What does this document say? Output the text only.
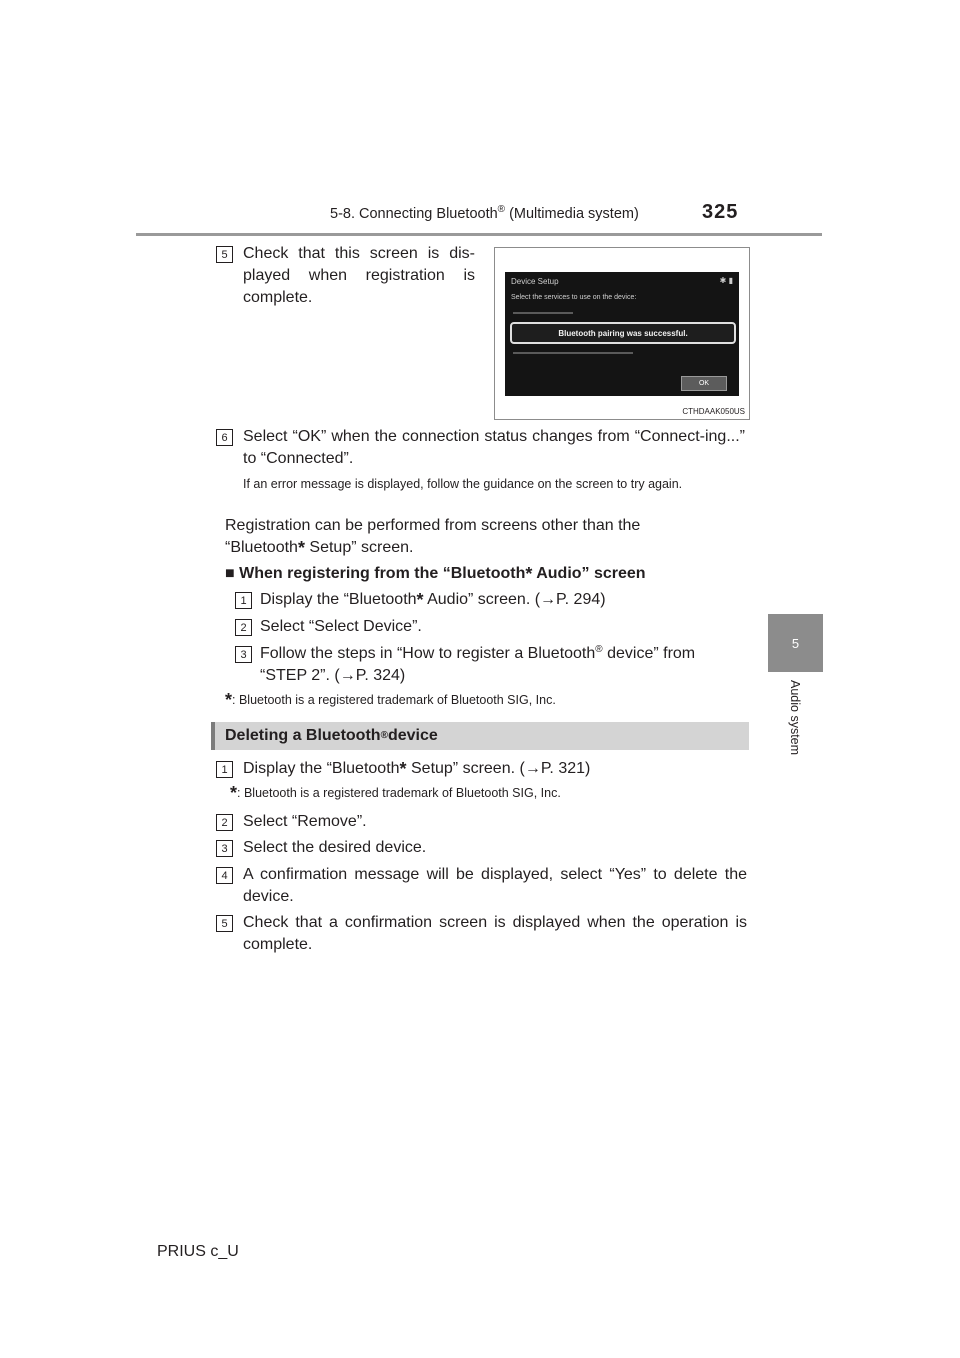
5-8. Connecting Bluetooth® (Multimedia system)	325
5
Audio system
5 Check that this screen is dis-played when registration is complete.
Device Setup	✱ ▮
Select the services to use on the device:
Bluetooth pairing was successful.
OK
CTHDAAK050US
6 Select “OK” when the connection status changes from “Connect-ing...” to “Connected”.
If an error message is displayed, follow the guidance on the screen to try again.
Registration can be performed from screens other than the
“Bluetooth* Setup” screen.
■ When registering from the “Bluetooth* Audio” screen
1 Display the “Bluetooth* Audio” screen. (→P. 294)
2 Select “Select Device”.
3 Follow the steps in “How to register a Bluetooth® device” from
“STEP 2”. (→P. 324)
*: Bluetooth is a registered trademark of Bluetooth SIG, Inc.
Deleting a Bluetooth ® device
1 Display the “Bluetooth* Setup” screen. (→P. 321)
*: Bluetooth is a registered trademark of Bluetooth SIG, Inc.
2 Select “Remove”.
3 Select the desired device.
4 A confirmation message will be displayed, select “Yes” to delete the device.
5 Check that a confirmation screen is displayed when the operation is complete.
PRIUS c_U
